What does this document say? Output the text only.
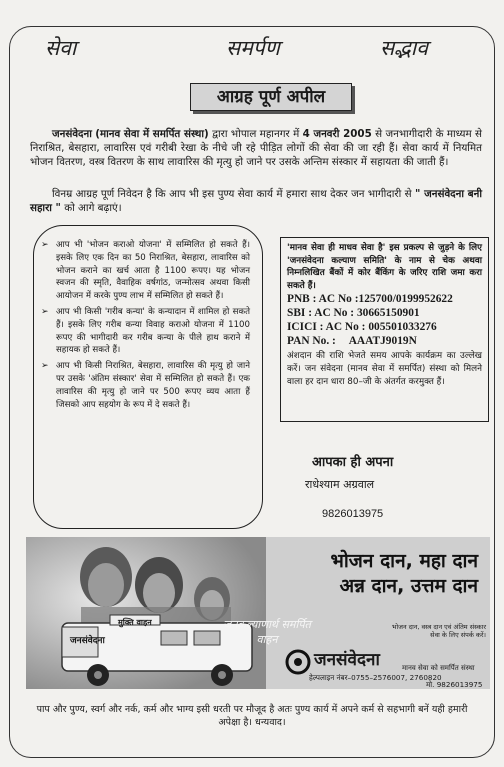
सेवा	समर्पण	सद्भाव
आग्रह पूर्ण अपील
जनसंवेदना (मानव सेवा में समर्पित संस्था) द्वारा भोपाल महानगर में 4 जनवरी 2005 से जनभागीदारी के माध्यम से निराश्रित, बेसहारा, लावारिस एवं गरीबी रेखा के नीचे जी रहे पीड़ित लोगों की सेवा की जा रही हैं। सेवा कार्य में नियमित भोजन वितरण, वस्त्र वितरण के साथ लावारिस की मृत्यु हो जाने पर उसके अन्तिम संस्कार में सहायता की जाती हैं।
विनम्र आग्रह पूर्ण निवेदन है कि आप भी इस पुण्य सेवा कार्य में हमारा साथ देकर जन भागीदारी से " जनसंवेदना बनी सहारा " को आगे बढ़ाएं।
➢ आप भी 'भोजन कराओ योजना' में सम्मिलित हो सकते हैं। इसके लिए एक दिन का 50 निराश्रित, बेसहारा, लावारिस को भोजन कराने का खर्च आता है 1100 रूपए। यह भोजन स्वजन की स्मृति, वैवाहिक वर्षगांठ, जन्मोत्सव अथवा किसी आयोजन में करके पुण्य लाभ में सम्मिलित हो सकते हैं।
➢ आप भी किसी 'गरीब कन्या' के कन्यादान में शामिल हो सकते हैं। इसके लिए गरीब कन्या विवाह कराओ योजना में 1100 रूपए की भागीदारी कर गरीब कन्या के पीले हाथ कराने में सहायक हो सकते हैं।
➢ आप भी किसी निराश्रित, बेसहारा, लावारिस की मृत्यु हो जाने पर उसके 'अंतिम संस्कार' सेवा में सम्मिलित हो सकते हैं। एक लावारिस की मृत्यु हो जाने पर 500 रूपए व्यय आता हैं जिसको आप सहयोग के रूप में दे सकते हैं।
'मानव सेवा ही माधव सेवा है' इस प्रकल्प से जुड़ने के लिए 'जनसंवेदना कल्याण समिति' के नाम से चेक अथवा निम्नलिखित बैंकों में कोर बैंकिंग के जरिए राशि जमा करा सकते हैं।
PNB : AC No :125700/0199952622
SBI : AC No : 30665150901
ICICI : AC No : 005501033276
PAN No. : AAATJ9019N
अंशदान की राशि भेजते समय आपके कार्यक्रम का उल्लेख करें। जन संवेदना (मानव सेवा में समर्पित) संस्था को मिलने वाला हर दान धारा 80–जी के अंतर्गत करमुक्त हैं।
आपका ही अपना
राधेश्याम अग्रवाल
9826013975
मुक्ति वाहन
जनसंवेदना
जनकल्याणार्थ समर्पित वाहन
भोजन दान, महा दान
अन्न दान, उत्तम दान
भोजन दान, वस्त्र दान एवं अंतिम संस्कार सेवा के लिए संपर्क करें।
जनसंवेदना	मानव सेवा को समर्पित संस्था
हेल्पलाइन नंबर–0755–2576007, 2760820
मो. 9826013975
पाप और पुण्य, स्वर्ग और नर्क, कर्म और भाग्य इसी धरती पर मौजूद है अतः पुण्य कार्य में अपने कर्म से सहभागी बनें यही हमारी अपेक्षा है। धन्यवाद।
